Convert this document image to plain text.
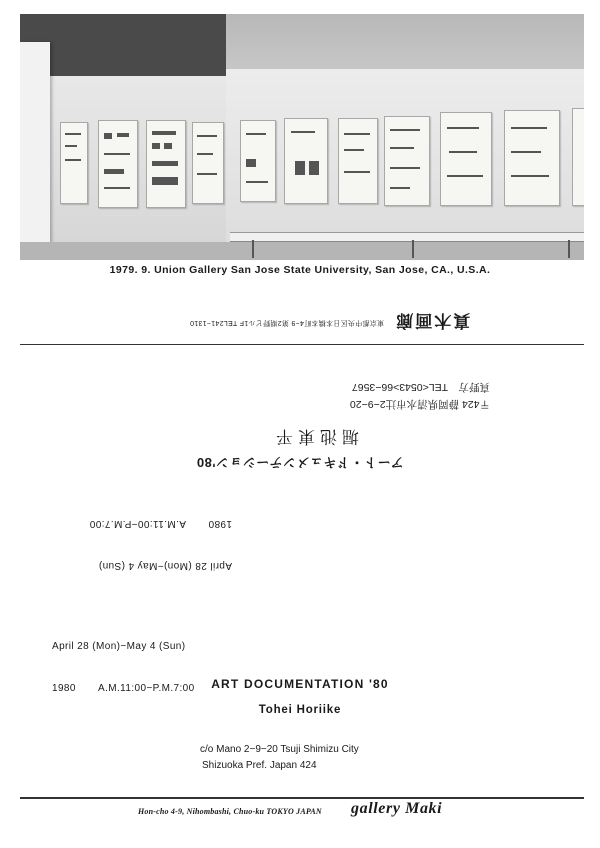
1979. 9. Union Gallery San Jose State University, San Jose, CA., U.S.A.
真木画廊
東京都中央区日本橋本町4−9 第2期野ビル1F TEL241−1310
〒424 静岡県清水市辻2−9−20
真野方　TEL<0543>66−3567
堀池東平
アート・ドキュメンテーション'80

April 28 (Mon)−May 4 (Sun)

1980A.M.11:00−P.M.7:00

April 28 (Mon)−May 4 (Sun)

1980 A.M.11:00−P.M.7:00	ART DOCUMENTATION '80
Tohei Horiike
c/o Mano 2−9−20 Tsuji Shimizu City
Shizuoka Pref. Japan 424
Hon-cho 4-9, Nihombashi, Chuo-ku TOKYO JAPAN gallery Maki
